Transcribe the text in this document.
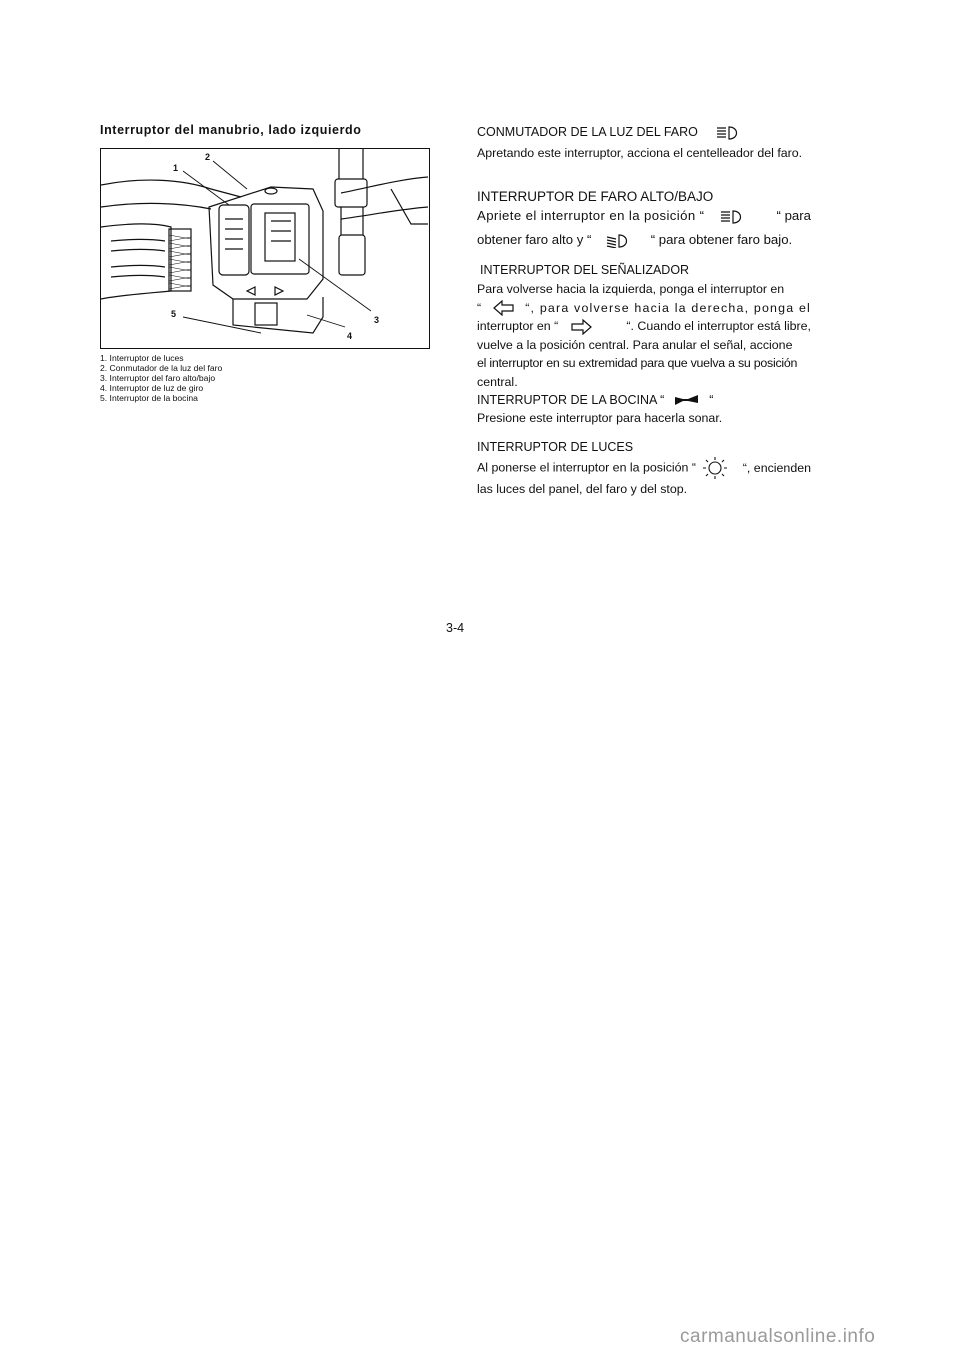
Interruptor del manubrio, lado izquierdo
1
2
3
4
5
1. Interruptor de luces
2. Conmutador de la luz del faro
3. Interruptor del faro alto/bajo
4. Interruptor de luz de giro
5. Interruptor de la bocina
CONMUTADOR DE LA LUZ DEL FARO
Apretando este interruptor, acciona el centelleador del faro.
INTERRUPTOR DE FARO ALTO/BAJO
Apriete el interruptor en la posición “	“ para
obtener faro alto y “	“ para obtener faro bajo.
INTERRUPTOR DEL SEÑALIZADOR
Para volverse hacia la izquierda, ponga el interruptor en
“	“, para volverse hacia la derecha, ponga el
interruptor en “	“. Cuando el interruptor está libre,
vuelve a la posición central. Para anular el señal, accione
el interruptor en su extremidad para que vuelva a su posición
central.
INTERRUPTOR DE LA BOCINA “	“
Presione este interruptor para hacerla sonar.
INTERRUPTOR DE LUCES
Al ponerse el interruptor en la posición “	“, encienden
las luces del panel, del faro y del stop.
3-4
carmanualsonline.info
